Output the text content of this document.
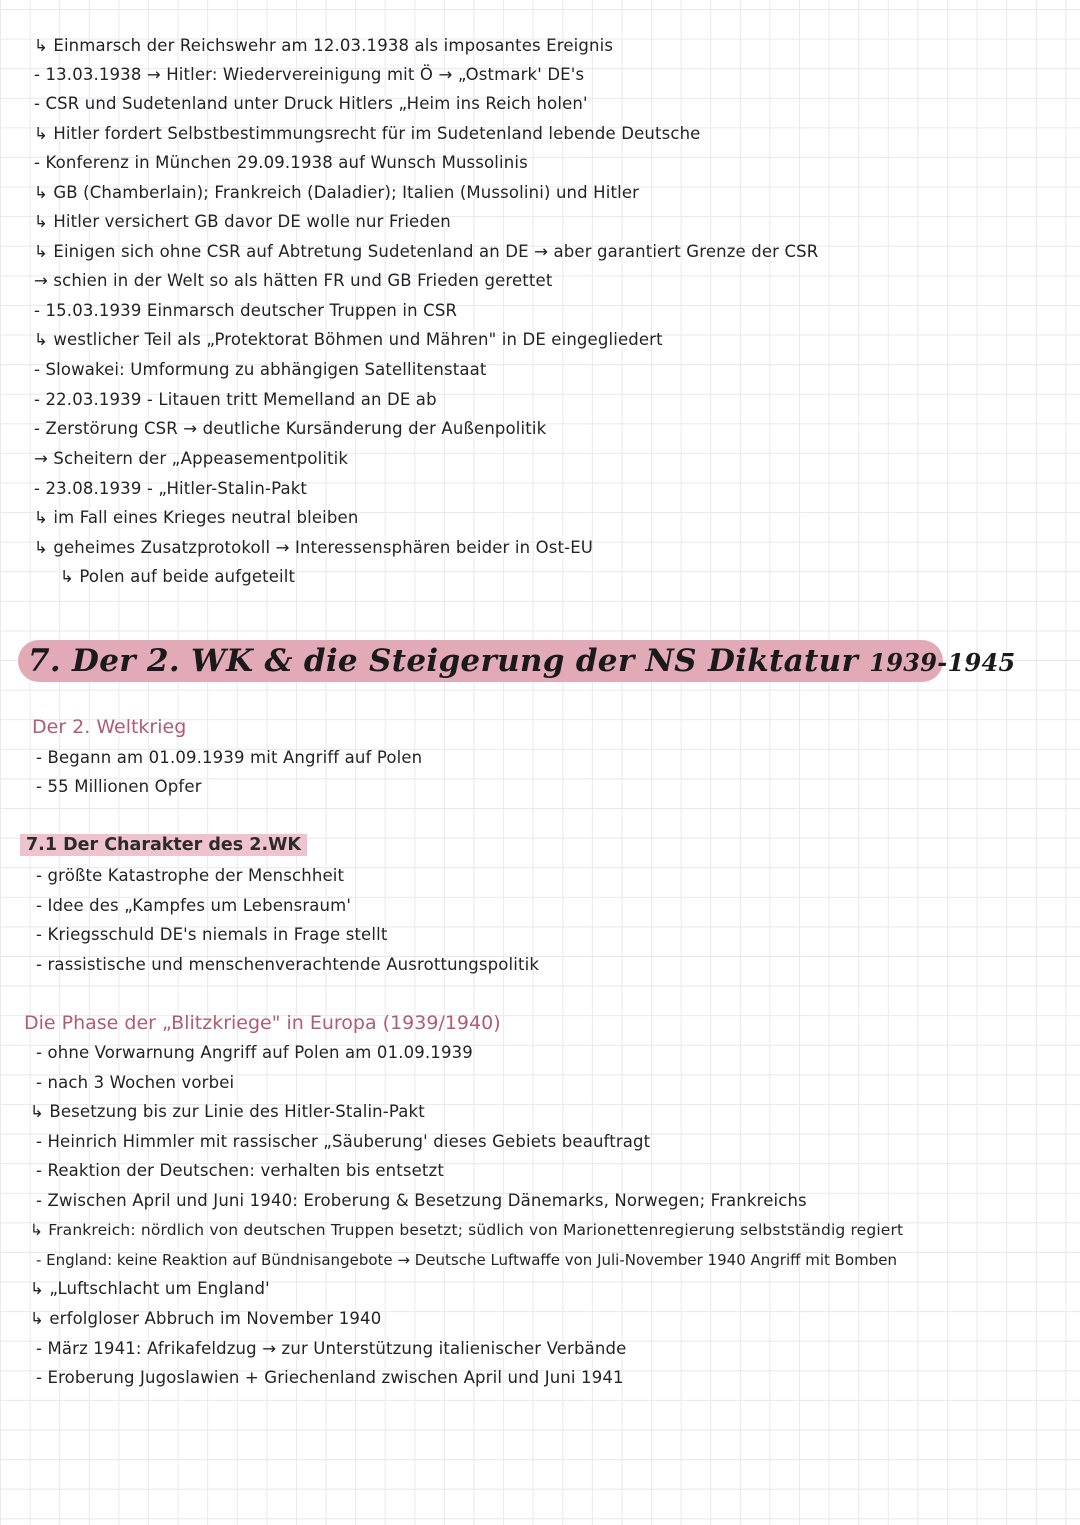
↳ Einmarsch der Reichswehr am 12.03.1938 als imposantes Ereignis
- 13.03.1938 → Hitler: Wiedervereinigung mit Ö → „Ostmark' DE's
- CSR und Sudetenland unter Druck Hitlers „Heim ins Reich holen'
↳ Hitler fordert Selbstbestimmungsrecht für im Sudetenland lebende Deutsche
- Konferenz in München 29.09.1938 auf Wunsch Mussolinis
↳ GB (Chamberlain); Frankreich (Daladier); Italien (Mussolini) und Hitler
↳ Hitler versichert GB davor DE wolle nur Frieden
↳ Einigen sich ohne CSR auf Abtretung Sudetenland an DE → aber garantiert Grenze der CSR
→ schien in der Welt so als hätten FR und GB Frieden gerettet
- 15.03.1939 Einmarsch deutscher Truppen in CSR
↳ westlicher Teil als „Protektorat Böhmen und Mähren" in DE eingegliedert
- Slowakei: Umformung zu abhängigen Satellitenstaat
- 22.03.1939 - Litauen tritt Memelland an DE ab
- Zerstörung CSR → deutliche Kursänderung der Außenpolitik
→ Scheitern der „Appeasementpolitik
- 23.08.1939 - „Hitler-Stalin-Pakt
↳ im Fall eines Krieges neutral bleiben
↳ geheimes Zusatzprotokoll → Interessensphären beider in Ost-EU
↳ Polen auf beide aufgeteilt
7. Der 2. WK & die Steigerung der NS Diktatur 1939-1945
Der 2. Weltkrieg
- Begann am 01.09.1939 mit Angriff auf Polen
- 55 Millionen Opfer
7.1 Der Charakter des 2.WK
- größte Katastrophe der Menschheit
- Idee des „Kampfes um Lebensraum'
- Kriegsschuld DE's niemals in Frage stellt
- rassistische und menschenverachtende Ausrottungspolitik
Die Phase der „Blitzkriege" in Europa (1939/1940)
- ohne Vorwarnung Angriff auf Polen am 01.09.1939
- nach 3 Wochen vorbei
↳ Besetzung bis zur Linie des Hitler-Stalin-Pakt
- Heinrich Himmler mit rassischer „Säuberung' dieses Gebiets beauftragt
- Reaktion der Deutschen: verhalten bis entsetzt
- Zwischen April und Juni 1940: Eroberung & Besetzung Dänemarks, Norwegen; Frankreichs
↳ Frankreich: nördlich von deutschen Truppen besetzt; südlich von Marionettenregierung selbstständig regiert
- England: keine Reaktion auf Bündnisangebote → Deutsche Luftwaffe von Juli-November 1940 Angriff mit Bomben
↳ „Luftschlacht um England'
↳ erfolgloser Abbruch im November 1940
- März 1941: Afrikafeldzug → zur Unterstützung italienischer Verbände
- Eroberung Jugoslawien + Griechenland zwischen April und Juni 1941
